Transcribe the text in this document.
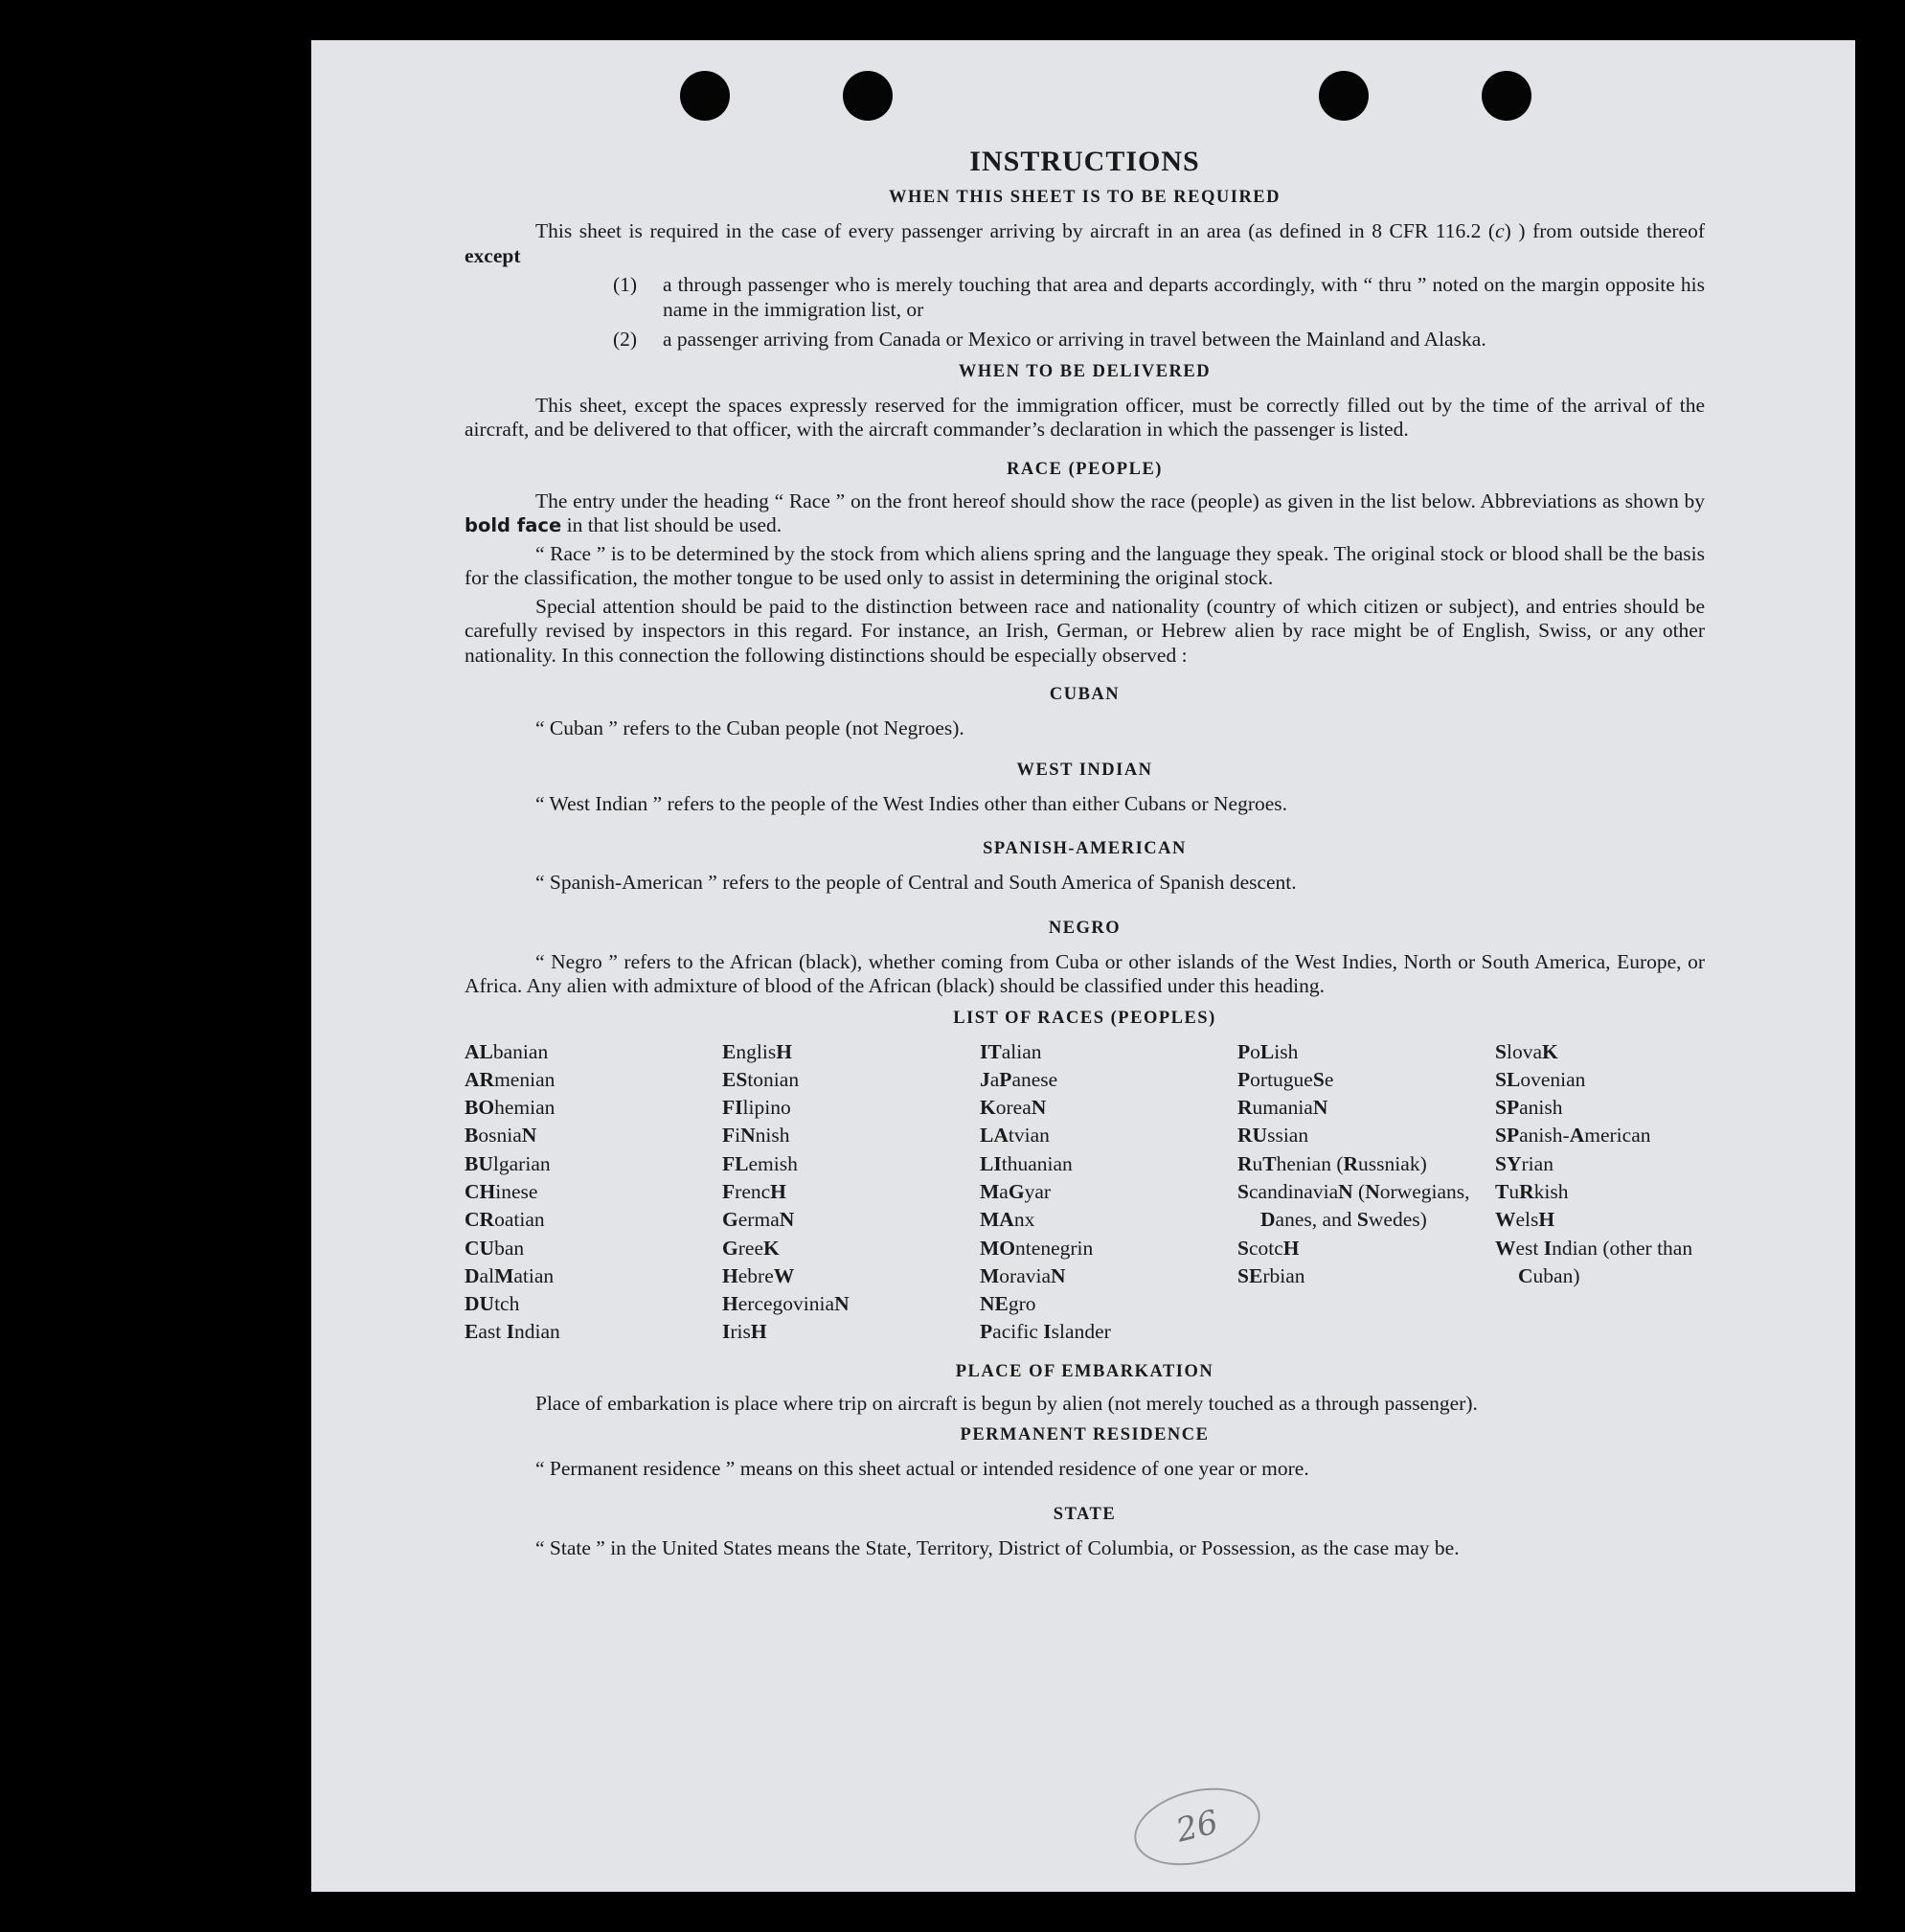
INSTRUCTIONS
WHEN THIS SHEET IS TO BE REQUIRED

This sheet is required in the case of every passenger arriving by aircraft in an area (as defined in 8 CFR 116.2 (c) ) from outside thereof except

(1)	a through passenger who is merely touching that area and departs accordingly, with “ thru ” noted on the margin opposite his name in the immigration list, or
(2)	a passenger arriving from Canada or Mexico or arriving in travel between the Mainland and Alaska.
WHEN TO BE DELIVERED

This sheet, except the spaces expressly reserved for the immigration officer, must be correctly filled out by the time of the arrival of the aircraft, and be delivered to that officer, with the aircraft commander’s declaration in which the passenger is listed.

RACE (PEOPLE)

The entry under the heading “ Race ” on the front hereof should show the race (people) as given in the list below. Abbreviations as shown by bold face in that list should be used.

“ Race ” is to be determined by the stock from which aliens spring and the language they speak. The original stock or blood shall be the basis for the classification, the mother tongue to be used only to assist in determining the original stock.

Special attention should be paid to the distinction between race and nationality (country of which citizen or subject), and entries should be carefully revised by inspectors in this regard. For instance, an Irish, German, or Hebrew alien by race might be of English, Swiss, or any other nationality. In this connection the following distinctions should be especially observed :

CUBAN

“ Cuban ” refers to the Cuban people (not Negroes).

WEST INDIAN

“ West Indian ” refers to the people of the West Indies other than either Cubans or Negroes.

SPANISH-AMERICAN

“ Spanish-American ” refers to the people of Central and South America of Spanish descent.

NEGRO

“ Negro ” refers to the African (black), whether coming from Cuba or other islands of the West Indies, North or South America, Europe, or Africa. Any alien with admixture of blood of the African (black) should be classified under this heading.

LIST OF RACES (PEOPLES)
ALbanian
ARmenian
BOhemian
BosniaN
BUlgarian
CHinese
CRoatian
CUban
DalMatian
DUtch
East Indian
EnglisH
EStonian
FIlipino
FiNnish
FLemish
FrencH
GermaN
GreeK
HebreW
HercegoviniaN
IrisH
ITalian
JaPanese
KoreaN
LAtvian
LIthuanian
MaGyar
MAnx
MOntenegrin
MoraviaN
NEgro
Pacific Islander
PoLish
PortugueSe
RumaniaN
RUssian
RuThenian (Russniak)
ScandinaviaN (Norwegians, Danes, and Swedes)
ScotcH
SErbian
SlovaK
SLovenian
SPanish
SPanish-American
SYrian
TuRkish
WelsH
West Indian (other than Cuban)
PLACE OF EMBARKATION

Place of embarkation is place where trip on aircraft is begun by alien (not merely touched as a through passenger).

PERMANENT RESIDENCE

“ Permanent residence ” means on this sheet actual or intended residence of one year or more.

STATE

“ State ” in the United States means the State, Territory, District of Columbia, or Possession, as the case may be.

26
